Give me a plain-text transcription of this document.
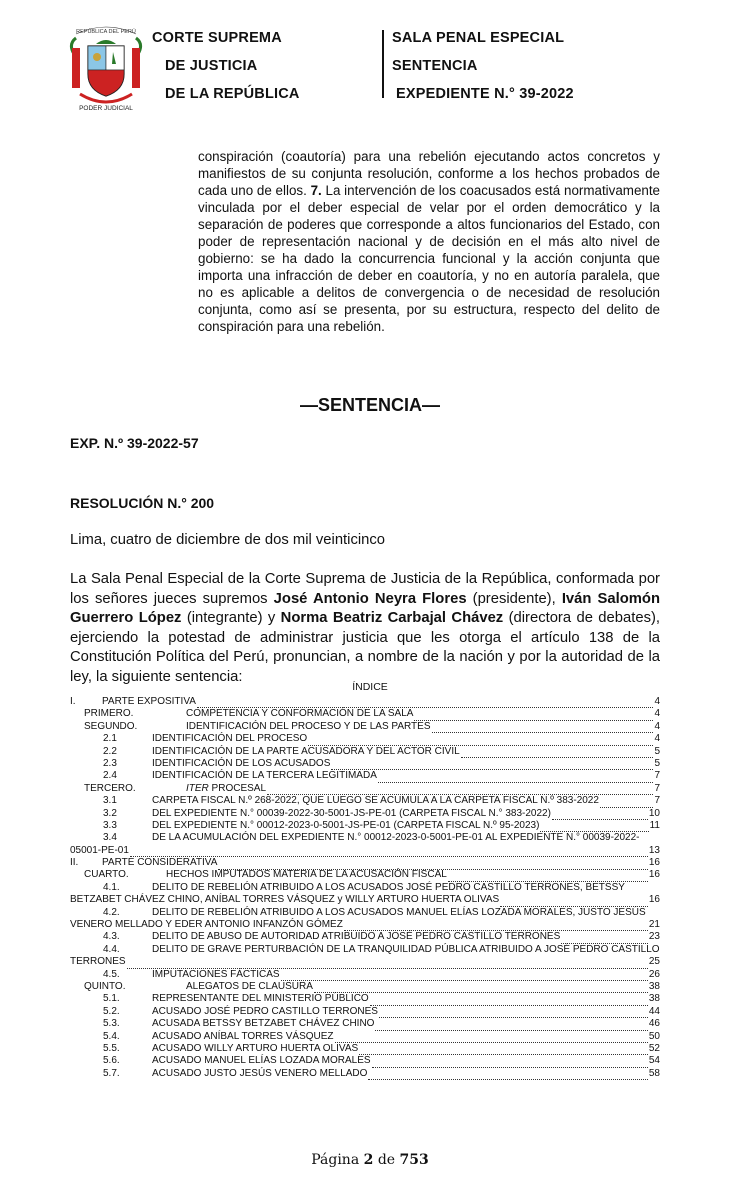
REPÚBLICA DEL PERÚ
PODER JUDICIAL
CORTE SUPREMA
DE JUSTICIA
DE LA REPÚBLICA
SALA PENAL ESPECIAL
SENTENCIA
EXPEDIENTE N.° 39-2022
conspiración (coautoría) para una rebelión ejecutando actos concretos y manifiestos de su conjunta resolución, conforme a los hechos probados de cada uno de ellos. 7. La intervención de los coacusados está normativamente vinculada por el deber especial de velar por el orden democrático y la separación de poderes que corresponde a altos funcionarios del Estado, con poder de representación nacional y de decisión en el más alto nivel de gobierno: se ha dado la concurrencia funcional y la acción conjunta que importa una infracción de deber en coautoría, y no en autoría paralela, que no es aplicable a delitos de convergencia o de necesidad de resolución conjunta, como así se presenta, por su estructura, respecto del delito de conspiración para una rebelión.
—SENTENCIA—
EXP. N.º 39-2022-57
RESOLUCIÓN N.° 200
Lima, cuatro de diciembre de dos mil veinticinco
La Sala Penal Especial de la Corte Suprema de Justicia de la República, conformada por los señores jueces supremos José Antonio Neyra Flores (presidente), Iván Salomón Guerrero López (integrante) y Norma Beatriz Carbajal Chávez (directora de debates), ejerciendo la potestad de administrar justicia que les otorga el artículo 138 de la Constitución Política del Perú, pronuncian, a nombre de la nación y por la autoridad de la ley, la siguiente sentencia:
ÍNDICE
I.	PARTE EXPOSITIVA	4
PRIMERO.	COMPETENCIA Y CONFORMACIÓN DE LA SALA	4
SEGUNDO.	IDENTIFICACIÓN DEL PROCESO Y DE LAS PARTES	4
2.1	IDENTIFICACIÓN DEL PROCESO	4
2.2	IDENTIFICACIÓN DE LA PARTE ACUSADORA Y DEL ACTOR CIVIL	5
2.3	IDENTIFICACIÓN DE LOS ACUSADOS	5
2.4	IDENTIFICACIÓN DE LA TERCERA LEGITIMADA	7
TERCERO.	ITER PROCESAL	7
3.1	CARPETA FISCAL N.º 268-2022, QUE LUEGO SE ACUMULA A LA CARPETA FISCAL N.º 383-2022	7
3.2	DEL EXPEDIENTE N.° 00039-2022-30-5001-JS-PE-01 (CARPETA FISCAL N.° 383-2022)	10
3.3	DEL EXPEDIENTE N.° 00012-2023-0-5001-JS-PE-01 (CARPETA FISCAL N.º 95-2023)	11
3.4	DE LA ACUMULACIÓN DEL EXPEDIENTE N.° 00012-2023-0-5001-PE-01 AL EXPEDIENTE N.° 00039-2022-
05001-PE-01	13
II. PARTE CONSIDERATIVA	16
CUARTO.	HECHOS IMPUTADOS MATERIA DE LA ACUSACIÓN FISCAL	16
4.1.	DELITO DE REBELIÓN ATRIBUIDO A LOS ACUSADOS JOSÉ PEDRO CASTILLO TERRONES, BETSSY
BETZABET CHÁVEZ CHINO, ANÍBAL TORRES VÁSQUEZ y WILLY ARTURO HUERTA OLIVAS	16
4.2.	DELITO DE REBELIÓN ATRIBUIDO A LOS ACUSADOS MANUEL ELÍAS LOZADA MORALES, JUSTO JESÚS
VENERO MELLADO Y EDER ANTONIO INFANZÓN GÓMEZ	21
4.3.	DELITO DE ABUSO DE AUTORIDAD ATRIBUIDO A JOSÉ PEDRO CASTILLO TERRONES	23
4.4.	DELITO DE GRAVE PERTURBACIÓN DE LA TRANQUILIDAD PÚBLICA ATRIBUIDO A JOSÉ PEDRO CASTILLO
TERRONES	25
4.5.	IMPUTACIONES FÁCTICAS	26
QUINTO.	ALEGATOS DE CLAUSURA	38
5.1.	REPRESENTANTE DEL MINISTERIO PÚBLICO	38
5.2.	ACUSADO JOSÉ PEDRO CASTILLO TERRONES	44
5.3.	ACUSADA BETSSY BETZABET CHÁVEZ CHINO	46
5.4.	ACUSADO ANÍBAL TORRES VÁSQUEZ	50
5.5.	ACUSADO WILLY ARTURO HUERTA OLIVAS	52
5.6.	ACUSADO MANUEL ELÍAS LOZADA MORALES	54
5.7.	ACUSADO JUSTO JESÚS VENERO MELLADO	58
Página 2 de 753
